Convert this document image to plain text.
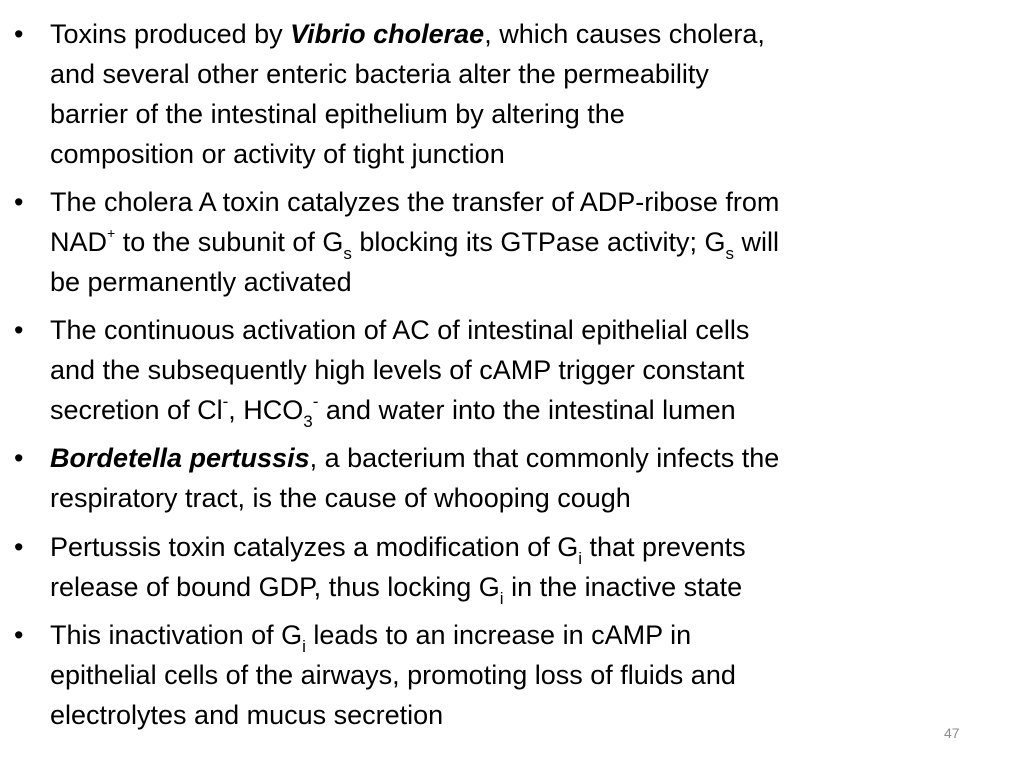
• Toxins produced by Vibrio cholerae, which causes cholera,
and several other enteric bacteria alter the permeability
barrier of the intestinal epithelium by altering the
composition or activity of tight junction
• The cholera A toxin catalyzes the transfer of ADP-ribose from
NAD+ to the subunit of $G_s$ blocking its GTPase activity; $G_s$ will
be permanently activated
• The continuous activation of AC of intestinal epithelial cells
and the subsequently high levels of cAMP trigger constant
secretion of Cl-, $HCO_3^-$ and water into the intestinal lumen
• Bordetella pertussis, a bacterium that commonly infects the
respiratory tract, is the cause of whooping cough
• Pertussis toxin catalyzes a modification of $G_i$ that prevents
release of bound GDP, thus locking $G_i$ in the inactive state
• This inactivation of $G_i$ leads to an increase in cAMP in
epithelial cells of the airways, promoting loss of fluids and
electrolytes and mucus secretion
47
